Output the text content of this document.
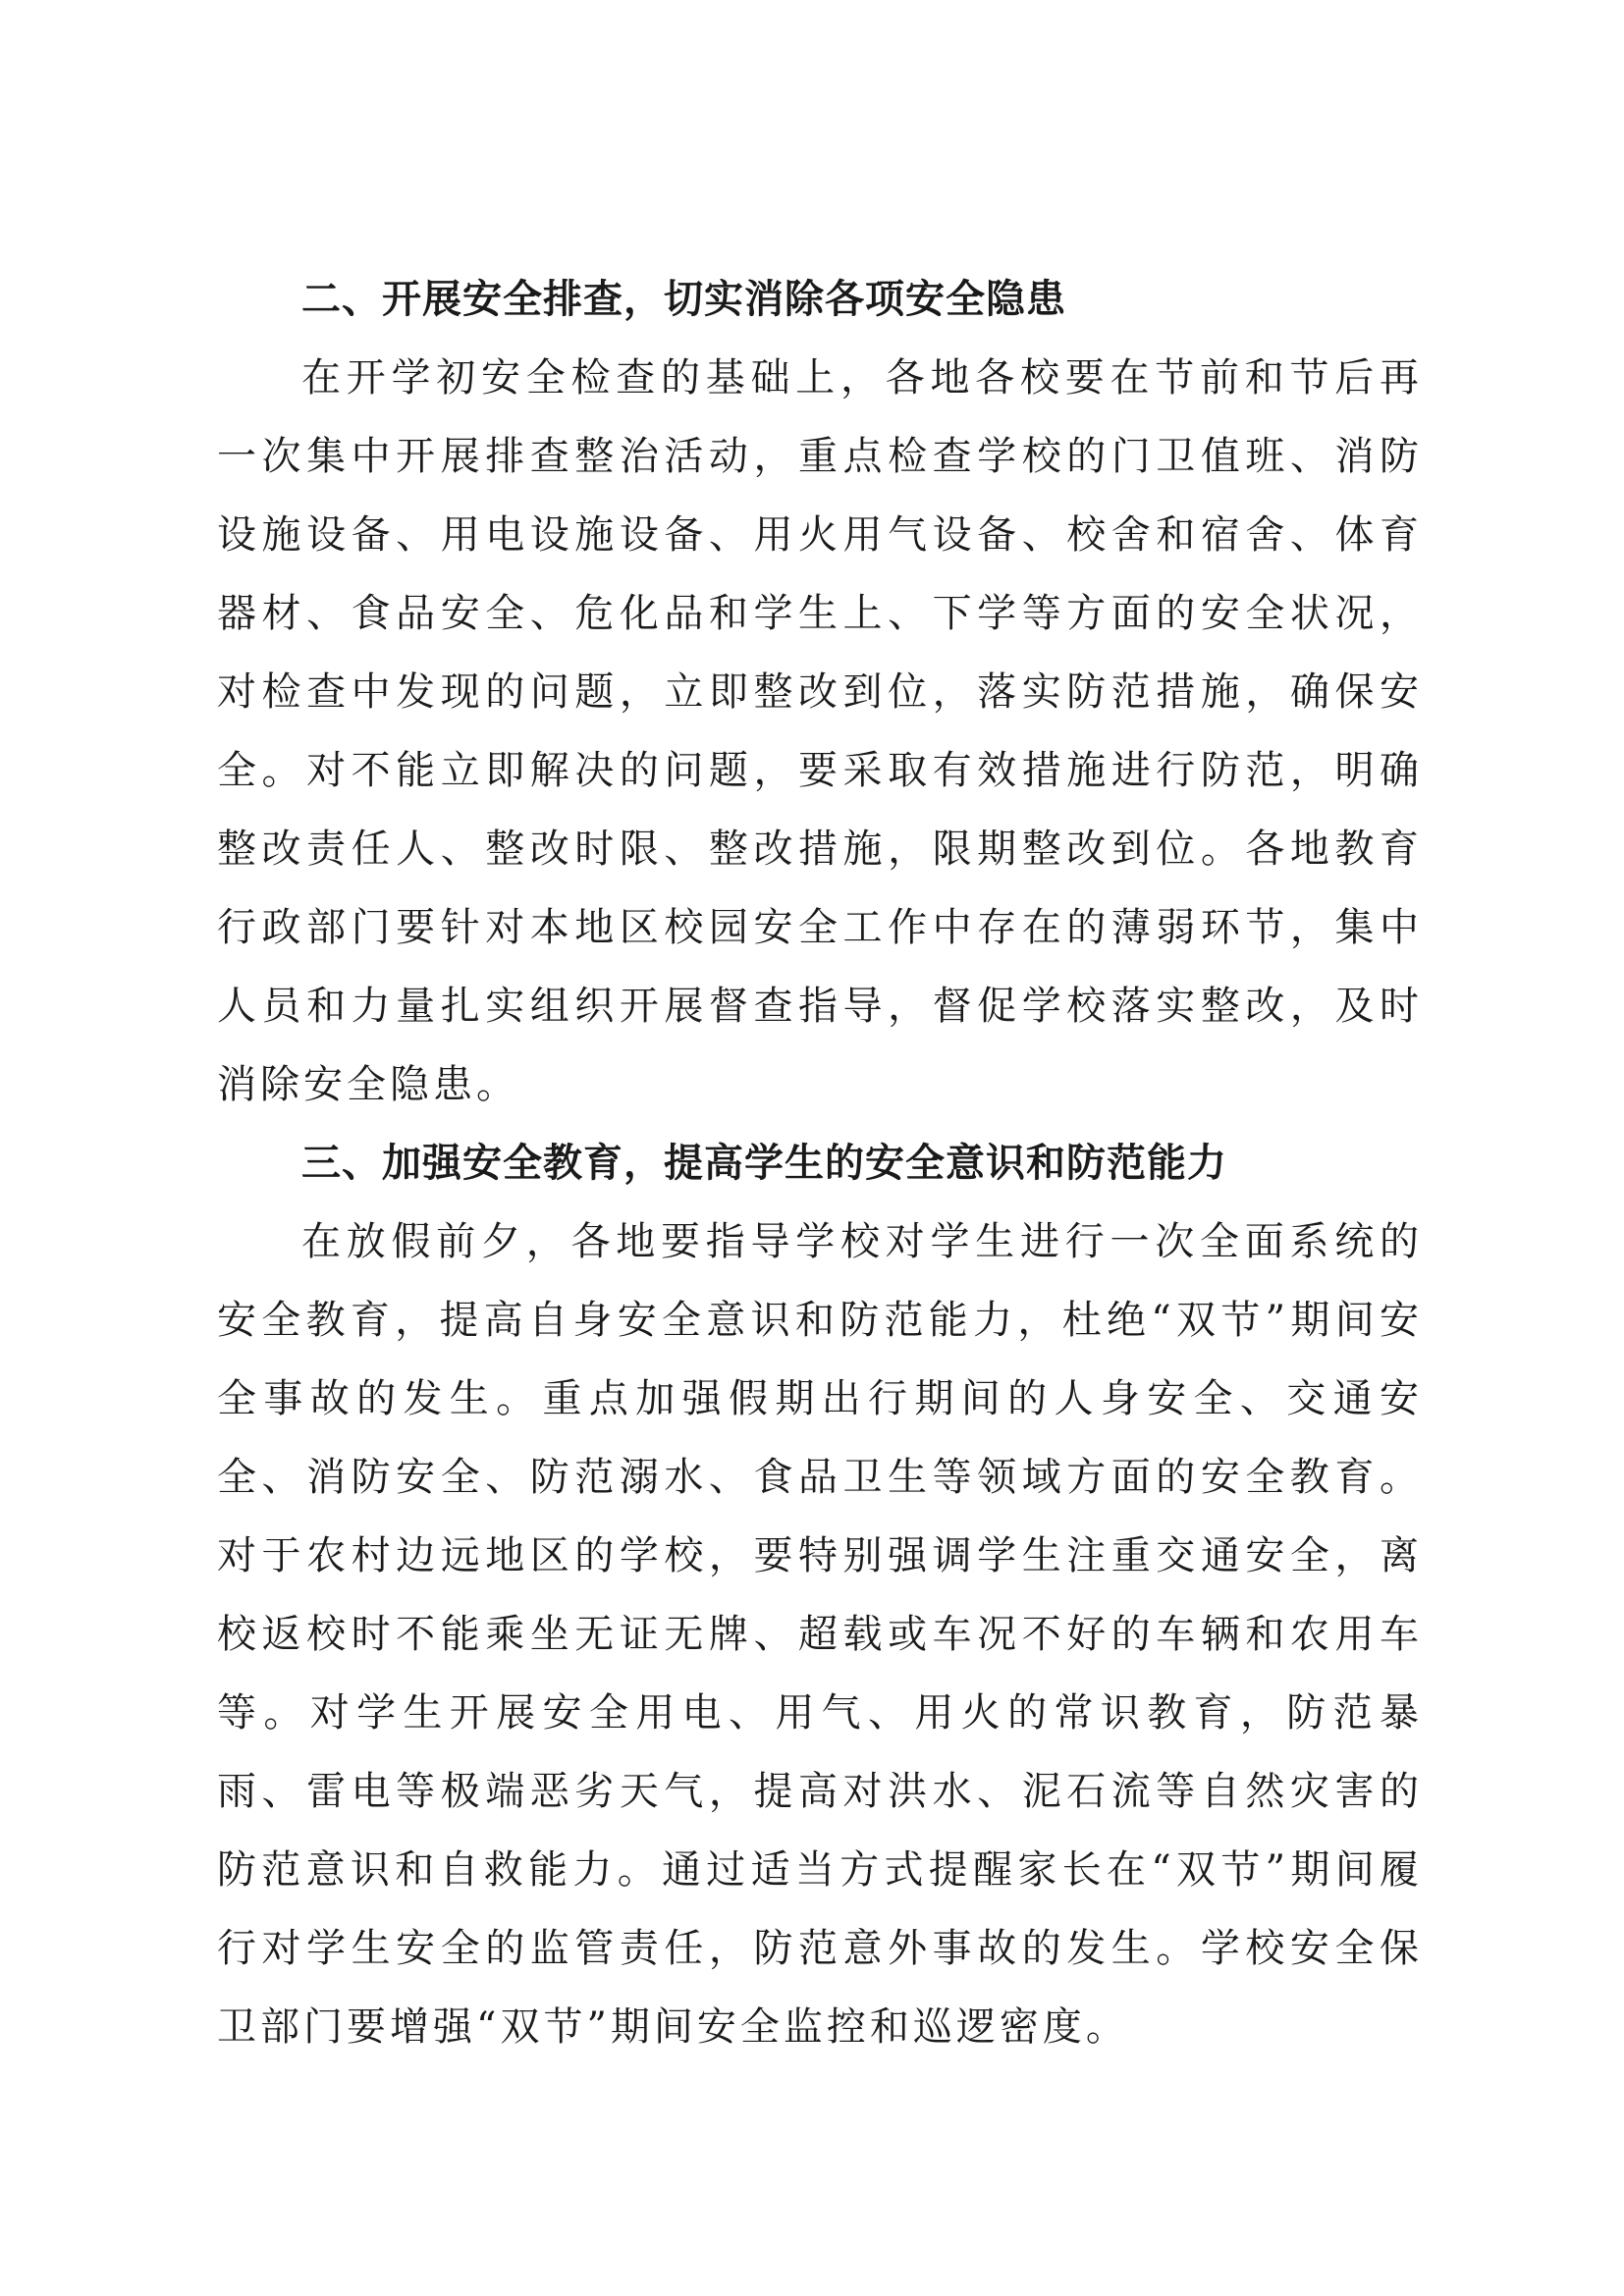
二、开展安全排查，切实消除各项安全隐患

在开学初安全检查的基础上，各地各校要在节前和节后再一次集中开展排查整治活动，重点检查学校的门卫值班、消防设施设备、用电设施设备、用火用气设备、校舍和宿舍、体育器材、食品安全、危化品和学生上、下学等方面的安全状况，对检查中发现的问题，立即整改到位，落实防范措施，确保安全。对不能立即解决的问题，要采取有效措施进行防范，明确整改责任人、整改时限、整改措施，限期整改到位。各地教育行政部门要针对本地区校园安全工作中存在的薄弱环节，集中人员和力量扎实组织开展督查指导，督促学校落实整改，及时消除安全隐患。

三、加强安全教育，提高学生的安全意识和防范能力

在放假前夕，各地要指导学校对学生进行一次全面系统的安全教育，提高自身安全意识和防范能力，杜绝“双节”期间安全事故的发生。重点加强假期出行期间的人身安全、交通安全、消防安全、防范溺水、食品卫生等领域方面的安全教育。对于农村边远地区的学校，要特别强调学生注重交通安全，离校返校时不能乘坐无证无牌、超载或车况不好的车辆和农用车等。对学生开展安全用电、用气、用火的常识教育，防范暴雨、雷电等极端恶劣天气，提高对洪水、泥石流等自然灾害的防范意识和自救能力。通过适当方式提醒家长在“双节”期间履行对学生安全的监管责任，防范意外事故的发生。学校安全保卫部门要增强“双节”期间安全监控和巡逻密度。
